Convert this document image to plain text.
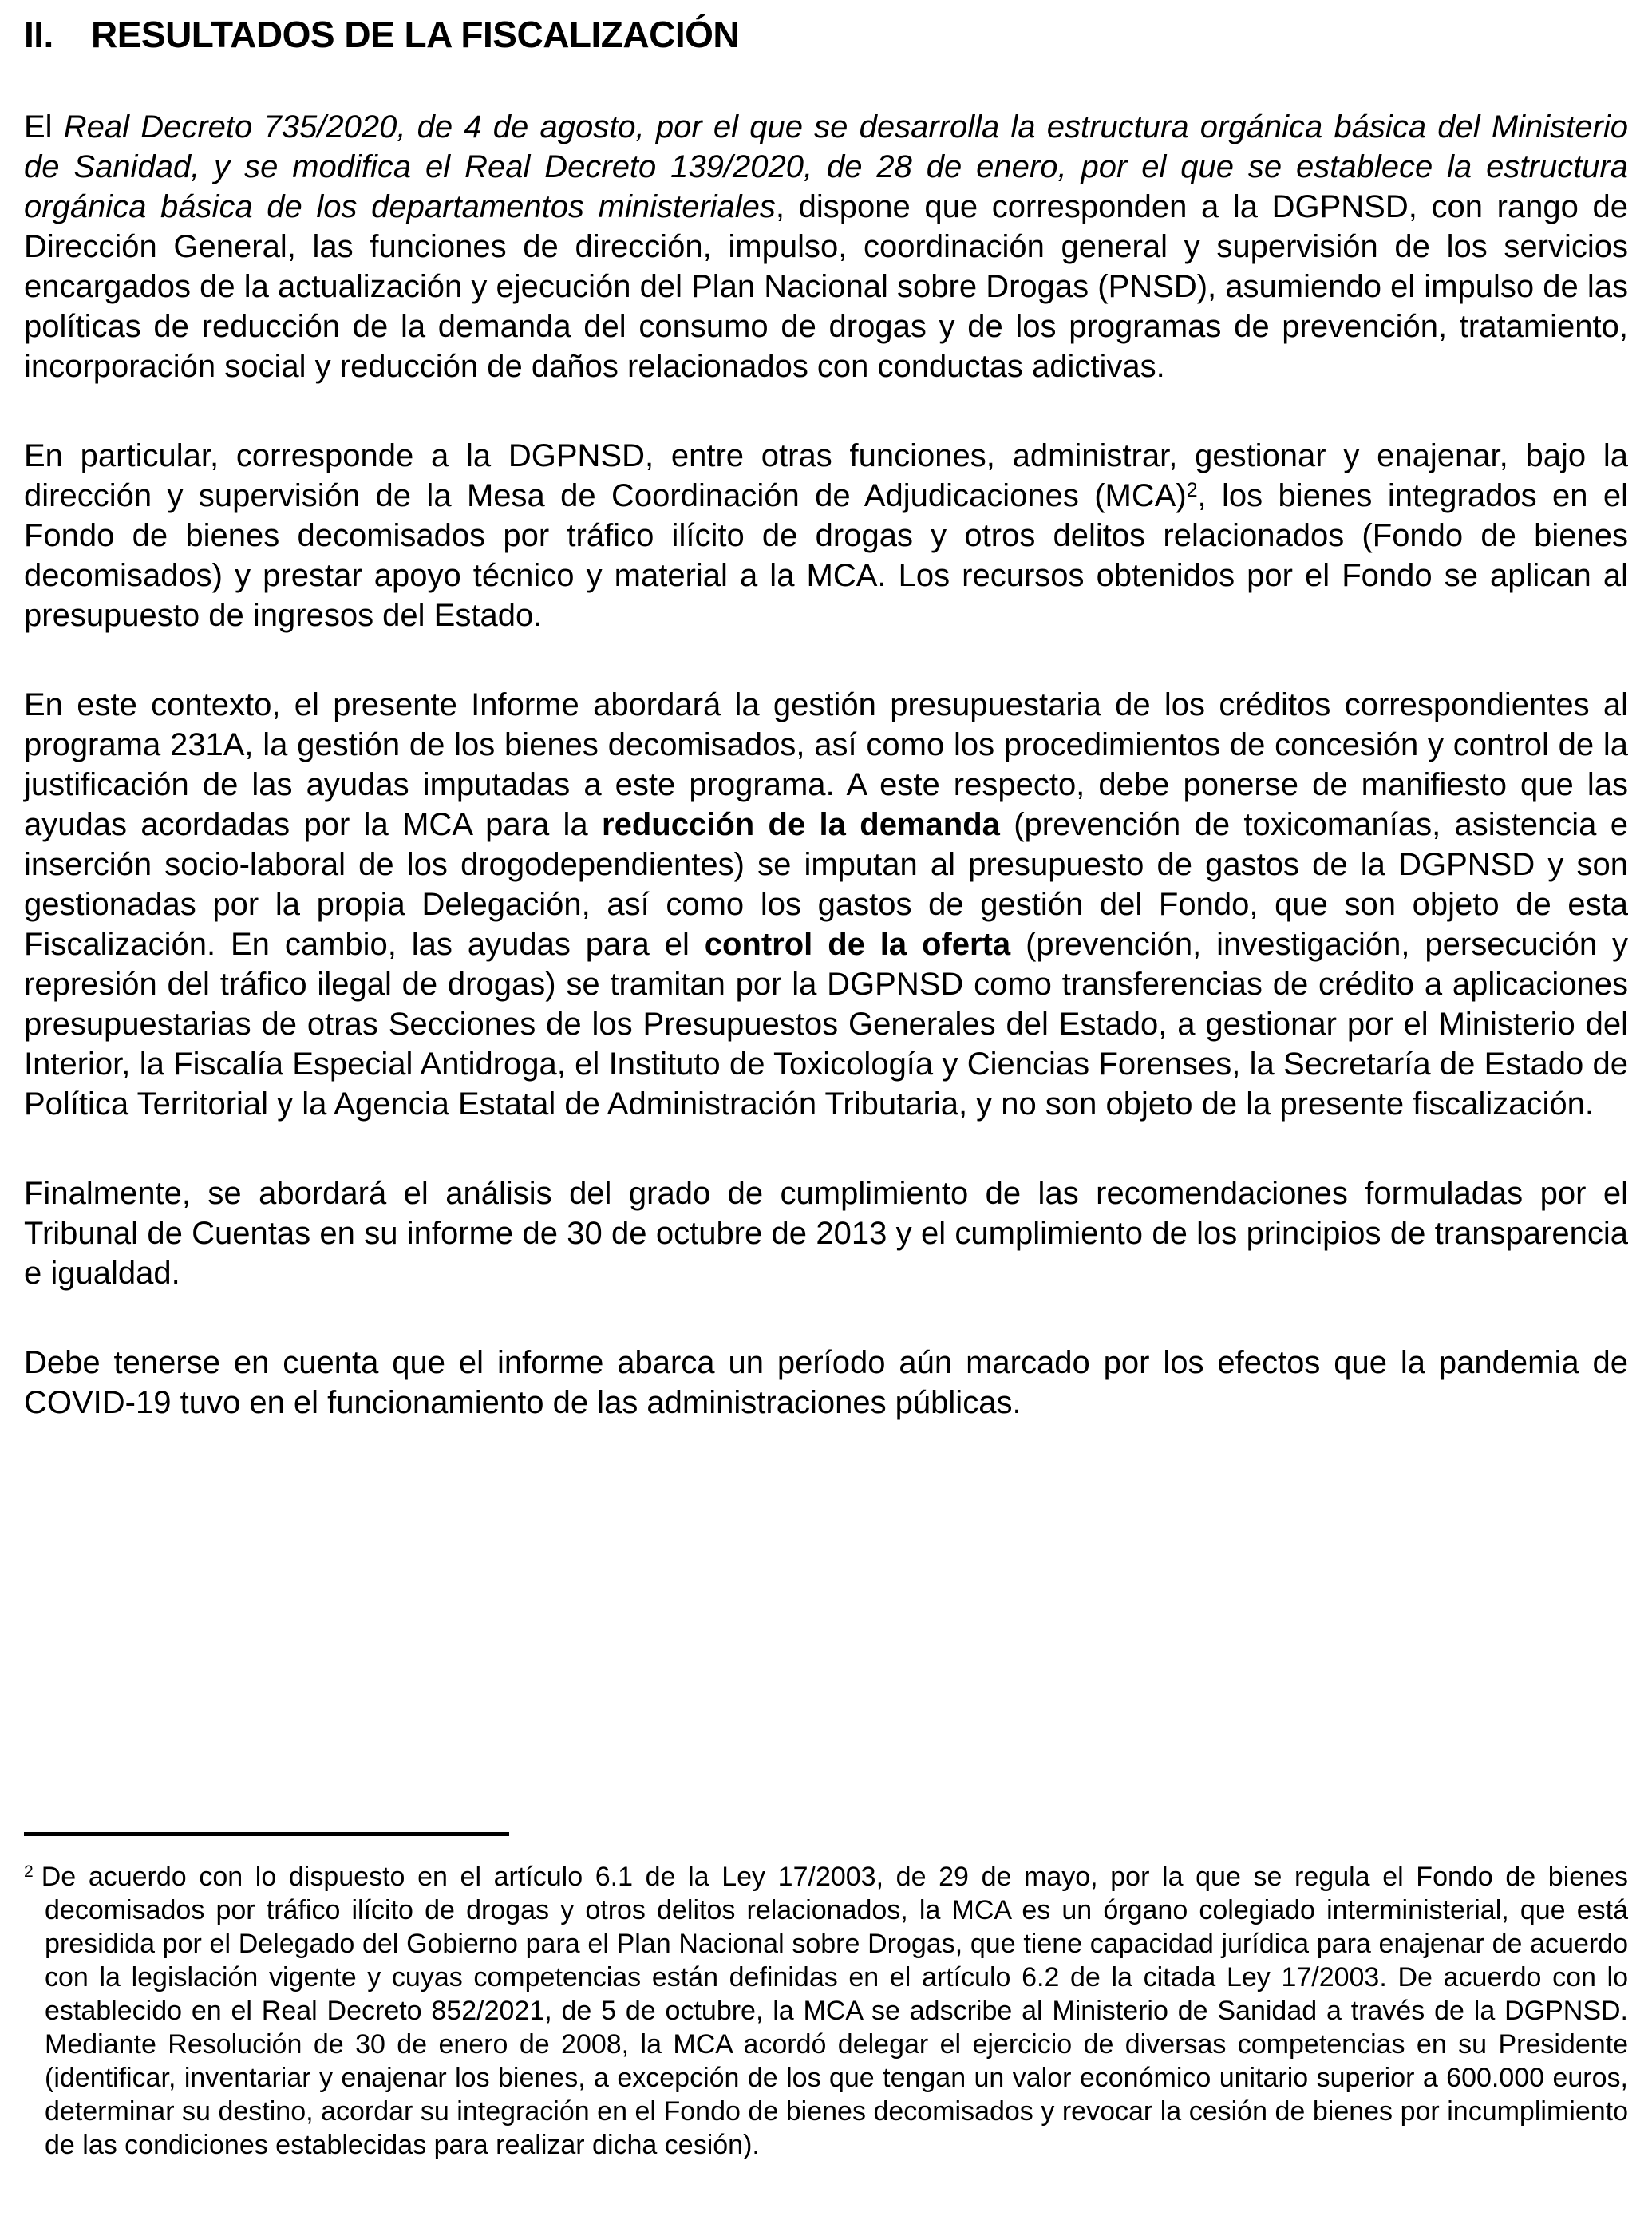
II.	RESULTADOS DE LA FISCALIZACIÓN

El Real Decreto 735/2020, de 4 de agosto, por el que se desarrolla la estructura orgánica básica del Ministerio de Sanidad, y se modifica el Real Decreto 139/2020, de 28 de enero, por el que se establece la estructura orgánica básica de los departamentos ministeriales, dispone que corresponden a la DGPNSD, con rango de Dirección General, las funciones de dirección, impulso, coordinación general y supervisión de los servicios encargados de la actualización y ejecución del Plan Nacional sobre Drogas (PNSD), asumiendo el impulso de las políticas de reducción de la demanda del consumo de drogas y de los programas de prevención, tratamiento, incorporación social y reducción de daños relacionados con conductas adictivas.

En particular, corresponde a la DGPNSD, entre otras funciones, administrar, gestionar y enajenar, bajo la dirección y supervisión de la Mesa de Coordinación de Adjudicaciones (MCA)$^2$, los bienes integrados en el Fondo de bienes decomisados por tráfico ilícito de drogas y otros delitos relacionados (Fondo de bienes decomisados) y prestar apoyo técnico y material a la MCA. Los recursos obtenidos por el Fondo se aplican al presupuesto de ingresos del Estado.

En este contexto, el presente Informe abordará la gestión presupuestaria de los créditos correspondientes al programa 231A, la gestión de los bienes decomisados, así como los procedimientos de concesión y control de la justificación de las ayudas imputadas a este programa. A este respecto, debe ponerse de manifiesto que las ayudas acordadas por la MCA para la reducción de la demanda (prevención de toxicomanías, asistencia e inserción socio-laboral de los drogodependientes) se imputan al presupuesto de gastos de la DGPNSD y son gestionadas por la propia Delegación, así como los gastos de gestión del Fondo, que son objeto de esta Fiscalización. En cambio, las ayudas para el control de la oferta (prevención, investigación, persecución y represión del tráfico ilegal de drogas) se tramitan por la DGPNSD como transferencias de crédito a aplicaciones presupuestarias de otras Secciones de los Presupuestos Generales del Estado, a gestionar por el Ministerio del Interior, la Fiscalía Especial Antidroga, el Instituto de Toxicología y Ciencias Forenses, la Secretaría de Estado de Política Territorial y la Agencia Estatal de Administración Tributaria, y no son objeto de la presente fiscalización.

Finalmente, se abordará el análisis del grado de cumplimiento de las recomendaciones formuladas por el Tribunal de Cuentas en su informe de 30 de octubre de 2013 y el cumplimiento de los principios de transparencia e igualdad.

Debe tenerse en cuenta que el informe abarca un período aún marcado por los efectos que la pandemia de COVID-19 tuvo en el funcionamiento de las administraciones públicas.

$^2$ De acuerdo con lo dispuesto en el artículo 6.1 de la Ley 17/2003, de 29 de mayo, por la que se regula el Fondo de bienes decomisados por tráfico ilícito de drogas y otros delitos relacionados, la MCA es un órgano colegiado interministerial, que está presidida por el Delegado del Gobierno para el Plan Nacional sobre Drogas, que tiene capacidad jurídica para enajenar de acuerdo con la legislación vigente y cuyas competencias están definidas en el artículo 6.2 de la citada Ley 17/2003. De acuerdo con lo establecido en el Real Decreto 852/2021, de 5 de octubre, la MCA se adscribe al Ministerio de Sanidad a través de la DGPNSD. Mediante Resolución de 30 de enero de 2008, la MCA acordó delegar el ejercicio de diversas competencias en su Presidente (identificar, inventariar y enajenar los bienes, a excepción de los que tengan un valor económico unitario superior a 600.000 euros, determinar su destino, acordar su integración en el Fondo de bienes decomisados y revocar la cesión de bienes por incumplimiento de las condiciones establecidas para realizar dicha cesión).
